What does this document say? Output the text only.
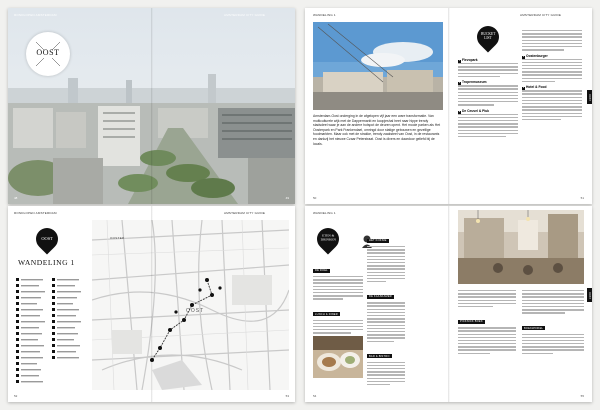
RONDLOPEN AMSTERDAM	AMSTERDAM CITY GUIDE
OOST
48	49
WANDELING 1
Amsterdam-Oost onderging in de afgelopen vijf jaar een ware transformatie. Van multiculturele wijk met de Dappermarkt en koopjeshal heet naar hippe trendy stadsdeel waar je aan de andere hotspot de deuren opent. Het mooie parken als Het Oosterpark en Park Frankendael, omringd door statige gebouwen en gezellige foodmarkten. Maar ook met de strakke, trendy zaaksteel van Oost, in de restaurants en dankzij het nieuwe Czaar Peterstraat. Oost is divers en daardoor geliefd bij de locals.
50
AMSTERDAM CITY GUIDE
BUCKET LIST
1 Flevopark
2 Tropenmuseum
4 De Ceuvel & Pluk
3 Oostenburger
5 Hotel & Food
51
OOST
RONDLOPEN AMSTERDAM
OOST
WANDELING 1
52
OOSTER
OOST
AMSTERDAM CITY GUIDE
53
WANDELING 1
ETEN & DRINKEN
DE ROEL
LUNCH & DINER
HET KOKSIE
DE KAASKAMER
BAR & BISTRO
54
PICKNICK BOEK
BOEKWINKEL
55
OOST
